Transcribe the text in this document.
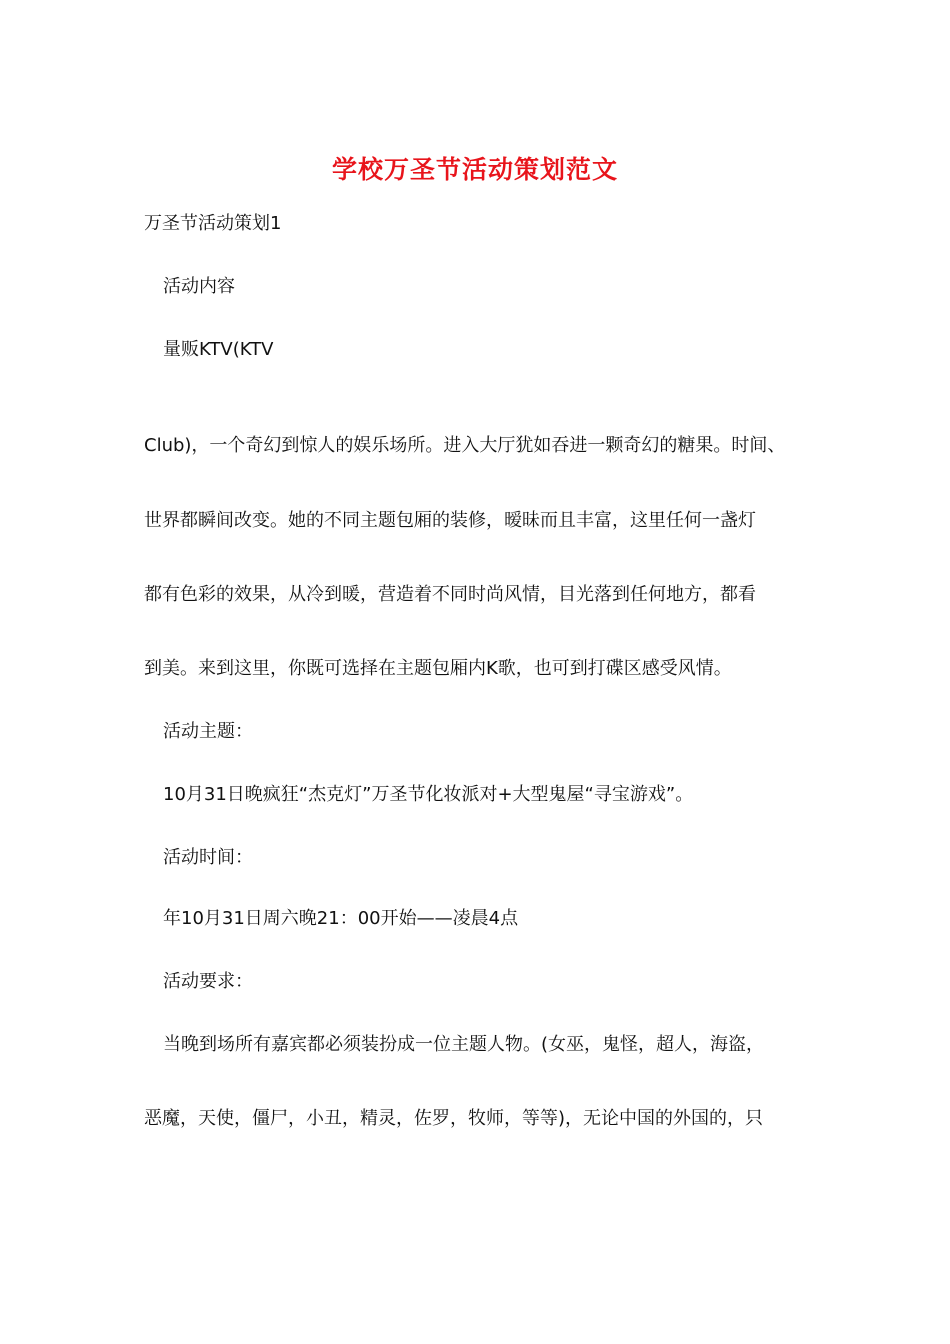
学校万圣节活动策划范文
万圣节活动策划1
活动内容
量贩KTV(KTV
Club)，一个奇幻到惊人的娱乐场所。进入大厅犹如吞进一颗奇幻的糖果。时间、
世界都瞬间改变。她的不同主题包厢的装修，暧昧而且丰富，这里任何一盏灯
都有色彩的效果，从冷到暖，营造着不同时尚风情，目光落到任何地方，都看
到美。来到这里，你既可选择在主题包厢内K歌，也可到打碟区感受风情。
活动主题：
10月31日晚疯狂“杰克灯”万圣节化妆派对+大型鬼屋“寻宝游戏”。
活动时间：
年10月31日周六晚21：00开始——凌晨4点
活动要求：
当晚到场所有嘉宾都必须装扮成一位主题人物。(女巫，鬼怪，超人，海盗，
恶魔，天使，僵尸，小丑，精灵，佐罗，牧师，等等)，无论中国的外国的，只
